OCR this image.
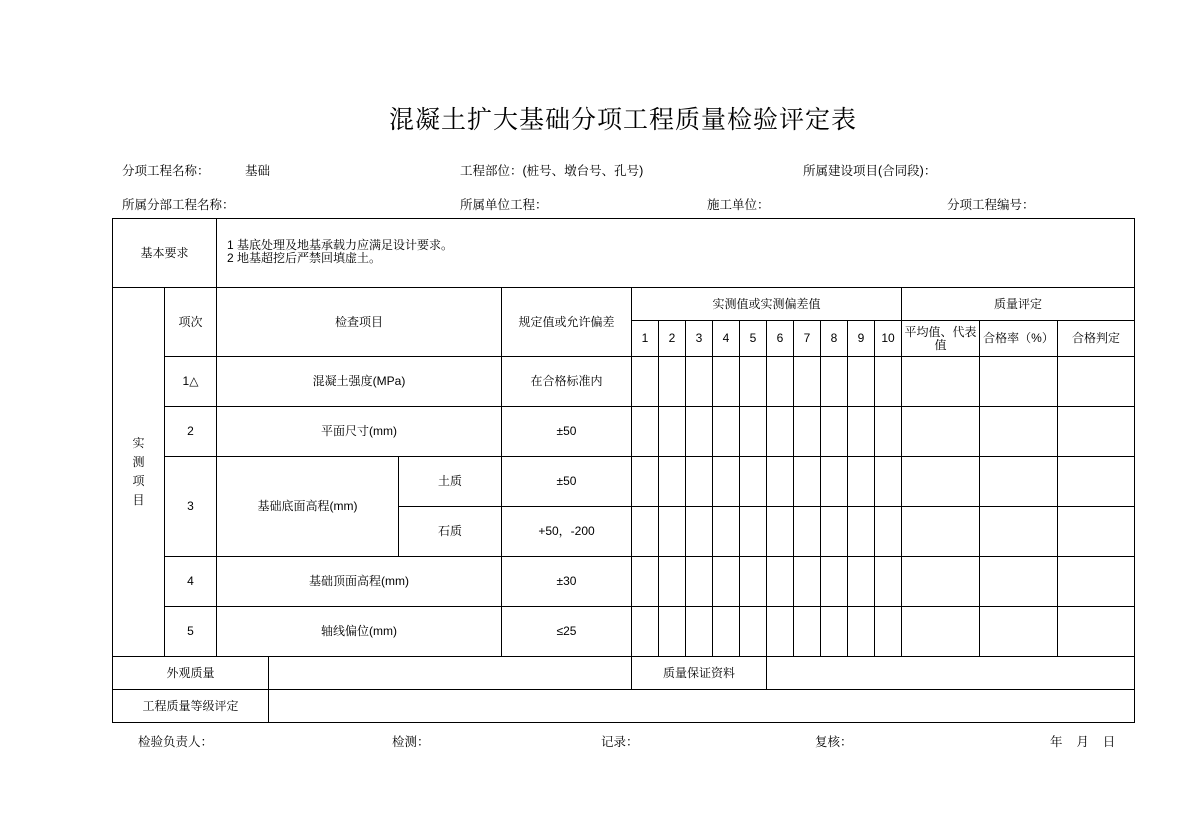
混凝土扩大基础分项工程质量检验评定表
分项工程名称：	基础	工程部位：(桩号、墩台号、孔号)	所属建设项目(合同段)：
所属分部工程名称：	所属单位工程：	施工单位：	分项工程编号：
基本要求		1 基底处理及地基承载力应满足设计要求。
2 地基超挖后严禁回填虚土。															

实
测
项
目	项次	检查项目		规定值或允许偏差	实测值或实测偏差值										质量评定		
					1	2	3	4	5	6	7	8	9	10	平均值、代表值	合格率（%）	合格判定
	1△	混凝土强度(MPa)		在合格标准内													
	2	平面尺寸(mm)		±50													
	3	基础底面高程(mm)	土质	±50													
			石质	+50，-200													
	4	基础顶面高程(mm)		±30													
	5	轴线偏位(mm)		≤25													
外观质量		质量保证资料	
工程质量等级评定			
检验负责人：	检测：	记录：	复核：	年    月    日
